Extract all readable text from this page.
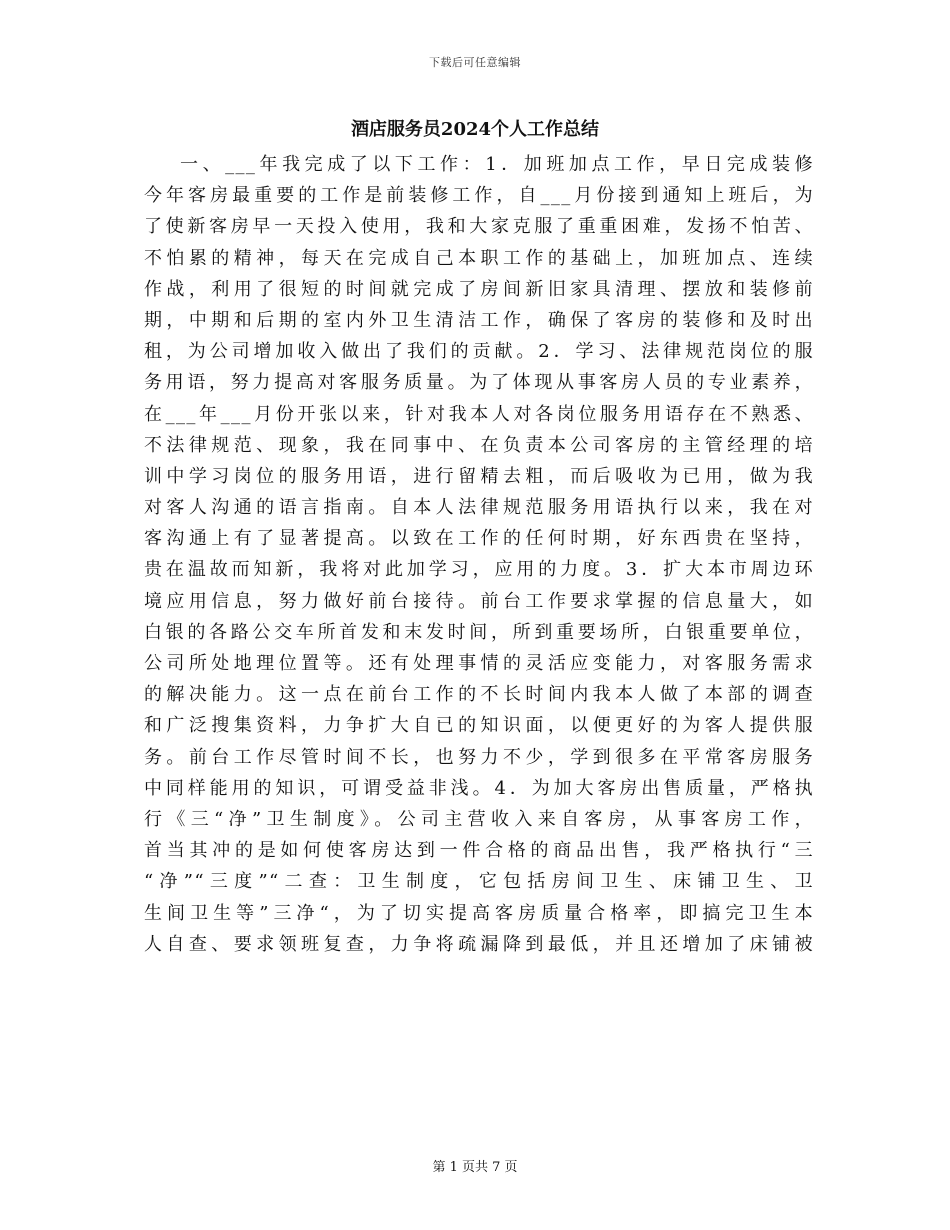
下载后可任意编辑
酒店服务员2024个人工作总结
一、___年我完成了以下工作：1．加班加点工作，早日完成装修
今年客房最重要的工作是前装修工作，自___月份接到通知上班后，为
了使新客房早一天投入使用，我和大家克服了重重困难，发扬不怕苦、
不怕累的精神，每天在完成自己本职工作的基础上，加班加点、连续
作战，利用了很短的时间就完成了房间新旧家具清理、摆放和装修前
期，中期和后期的室内外卫生清洁工作，确保了客房的装修和及时出
租，为公司增加收入做出了我们的贡献。2．学习、法律规范岗位的服
务用语，努力提高对客服务质量。为了体现从事客房人员的专业素养，
在___年___月份开张以来，针对我本人对各岗位服务用语存在不熟悉、
不法律规范、现象，我在同事中、在负责本公司客房的主管经理的培
训中学习岗位的服务用语，进行留精去粗，而后吸收为已用，做为我
对客人沟通的语言指南。自本人法律规范服务用语执行以来，我在对
客沟通上有了显著提高。以致在工作的任何时期，好东西贵在坚持，
贵在温故而知新，我将对此加学习，应用的力度。3．扩大本市周边环
境应用信息，努力做好前台接待。前台工作要求掌握的信息量大，如
白银的各路公交车所首发和末发时间，所到重要场所，白银重要单位，
公司所处地理位置等。还有处理事情的灵活应变能力，对客服务需求
的解决能力。这一点在前台工作的不长时间内我本人做了本部的调查
和广泛搜集资料，力争扩大自已的知识面，以便更好的为客人提供服
务。前台工作尽管时间不长，也努力不少，学到很多在平常客房服务
中同样能用的知识，可谓受益非浅。4．为加大客房出售质量，严格执
行《三“净”卫生制度》。公司主营收入来自客房，从事客房工作，
首当其冲的是如何使客房达到一件合格的商品出售，我严格执行“三
“净”“三度”“二查：卫生制度，它包括房间卫生、床铺卫生、卫
生间卫生等”三净“，为了切实提高客房质量合格率，即搞完卫生本
人自查、要求领班复查，力争将疏漏降到最低，并且还增加了床铺被
第 1 页共 7 页
